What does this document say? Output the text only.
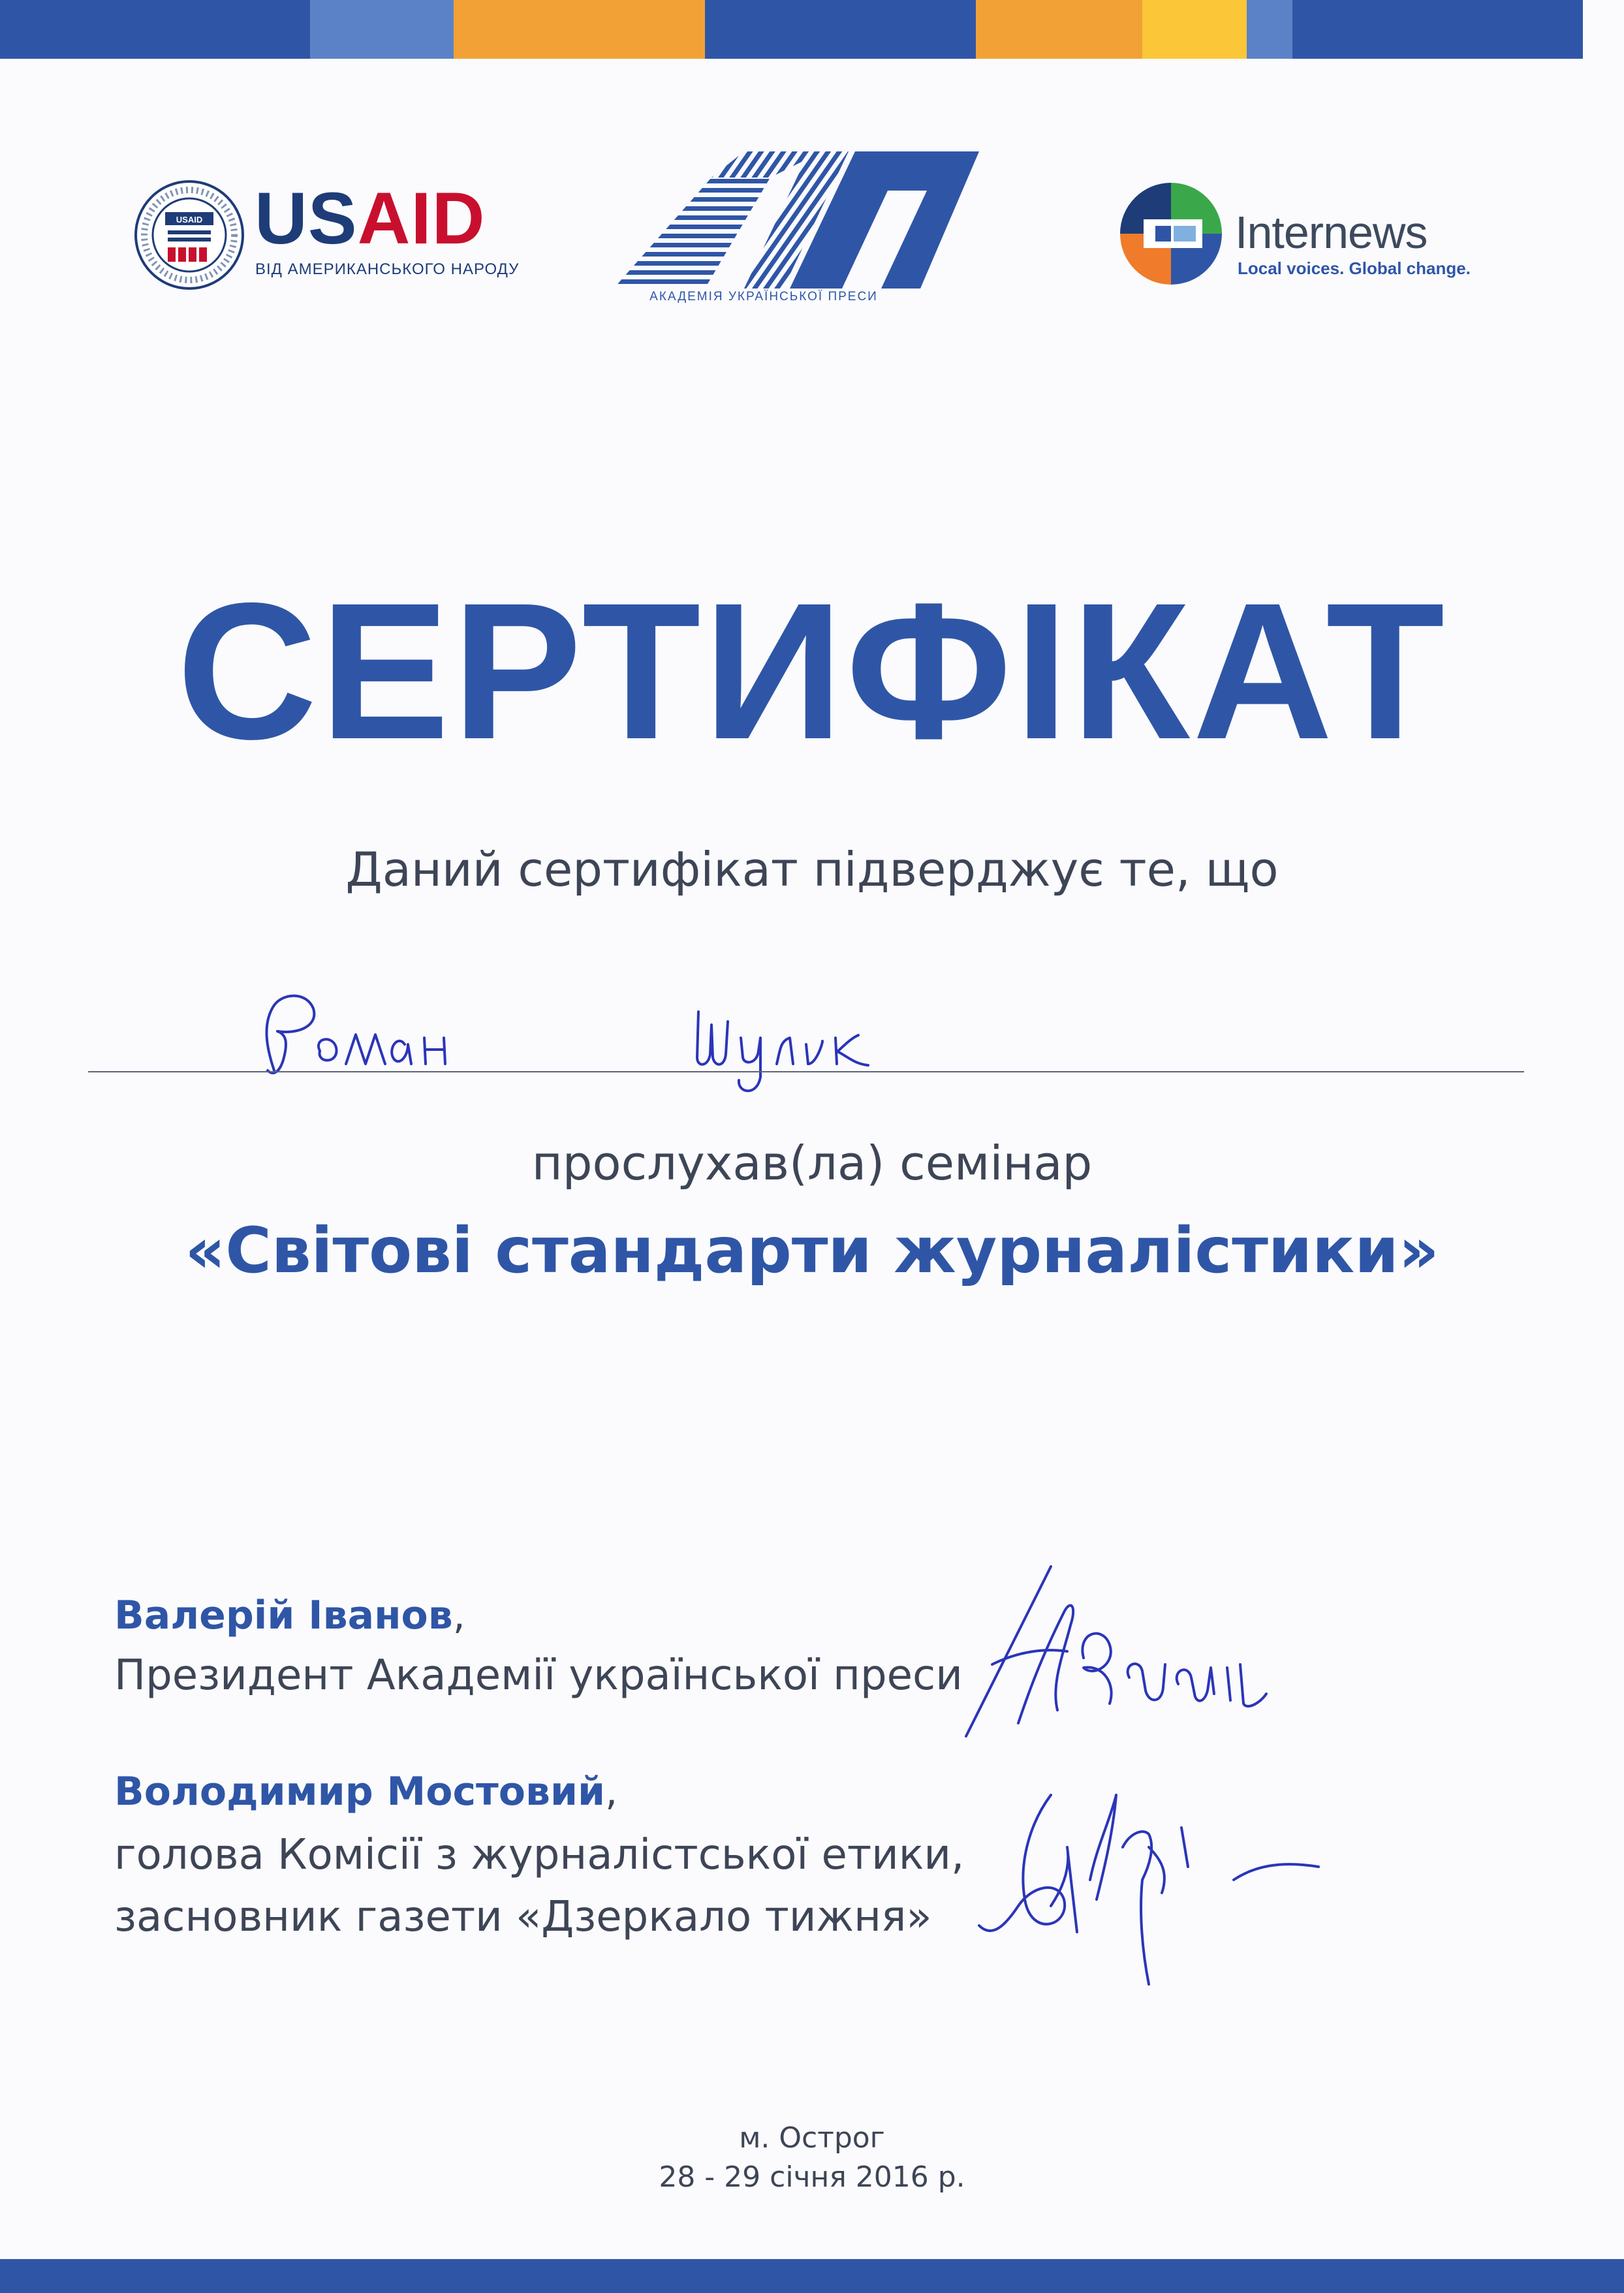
USAID USAID
ВІД АМЕРИКАНСЬКОГО НАРОДУ
АКАДЕМІЯ УКРАЇНСЬКОЇ ПРЕСИ
Internews
Local voices. Global change.
СЕРТИФІКАТ
Даний сертифікат підверджує те, що
прослухав(ла) семінар
«Світові стандарти журналістики»
Валерій Іванов,
Президент Академії української преси
Володимир Мостовий,
голова Комісії з журналістської етики,
засновник газети «Дзеркало тижня»
м. Острог
28 - 29 січня 2016 р.
